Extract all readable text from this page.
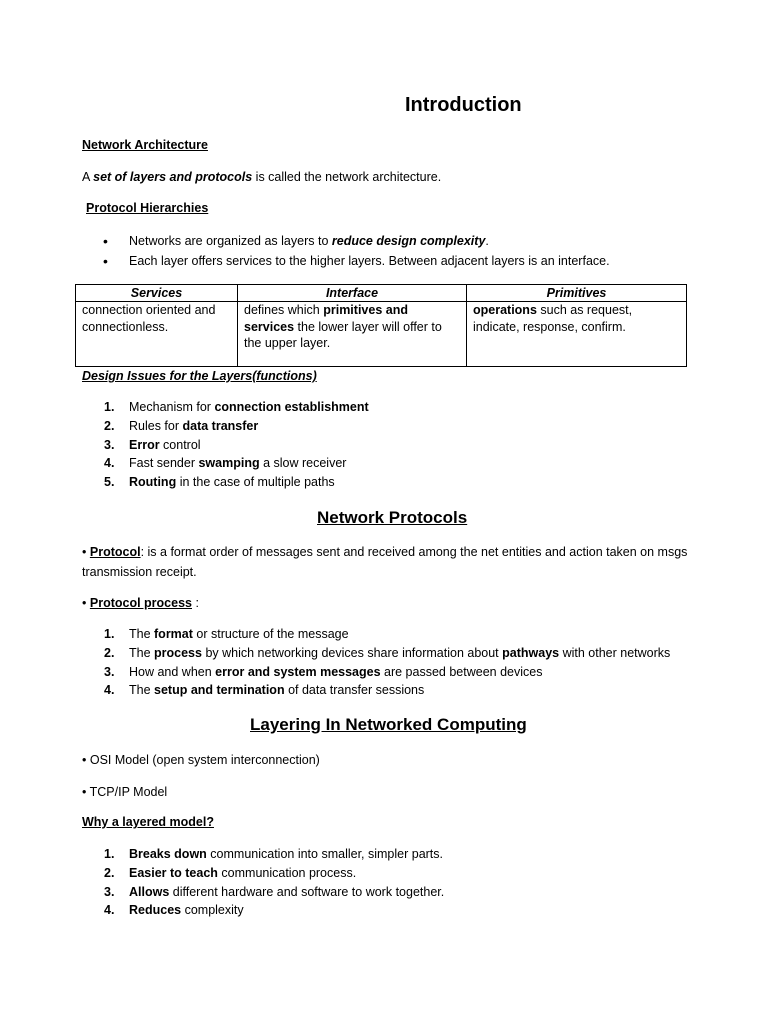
Introduction
Network Architecture
A set of layers and protocols is called the network architecture.
Protocol Hierarchies
• Networks are organized as layers to reduce design complexity.
• Each layer offers services to the higher layers. Between adjacent layers is an interface.
Services	Interface	Primitives
connection oriented and connectionless.	defines which primitives and services the lower layer will offer to the upper layer.	operations such as request, indicate, response, confirm.
Design Issues for the Layers(functions)
1. Mechanism for connection establishment
2. Rules for data transfer
3. Error control
4. Fast sender swamping a slow receiver
5. Routing in the case of multiple paths
Network Protocols
• Protocol: is a format order of messages sent and received among the net entities and action taken on msgs
transmission receipt.
• Protocol process :
1. The format or structure of the message
2. The process by which networking devices share information about pathways with other networks
3. How and when error and system messages are passed between devices
4. The setup and termination of data transfer sessions
Layering In Networked Computing
• OSI Model (open system interconnection)
• TCP/IP Model
Why a layered model?
1. Breaks down communication into smaller, simpler parts.
2. Easier to teach communication process.
3. Allows different hardware and software to work together.
4. Reduces complexity
